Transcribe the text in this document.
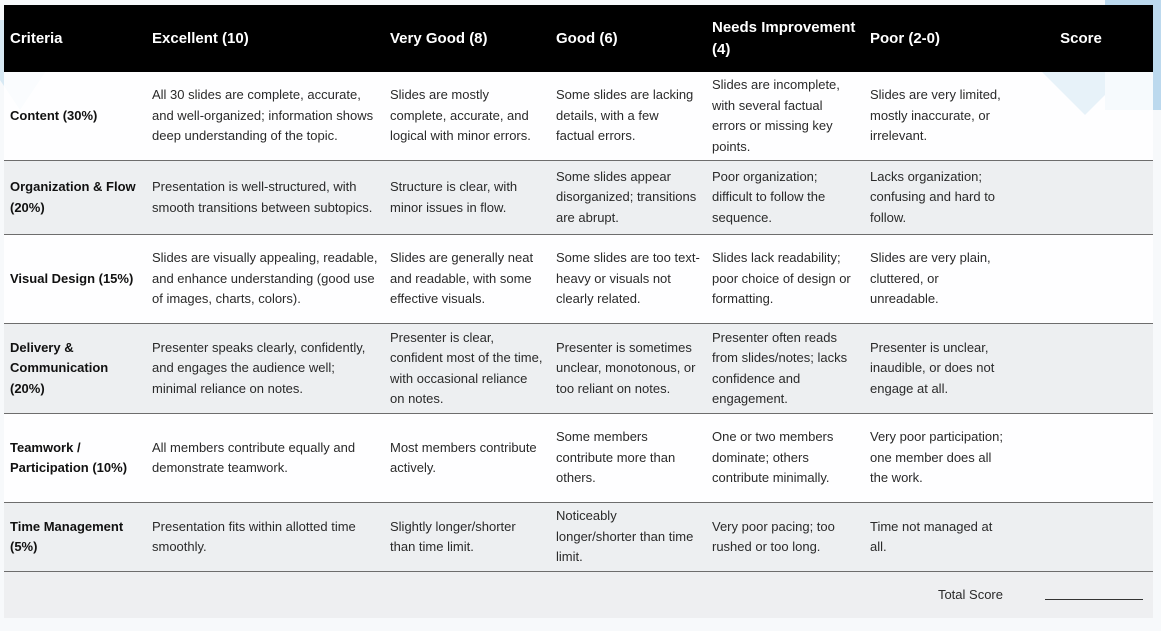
Criteria	Excellent (10)	Very Good (8)	Good (6)	Needs Improvement (4)	Poor (2-0)	Score
Content (30%)	All 30 slides are complete, accurate, and well-organized; information shows deep understanding of the topic.	Slides are mostly complete, accurate, and logical with minor errors.	Some slides are lacking details, with a few factual errors.	Slides are incomplete, with several factual errors or missing key points.	Slides are very limited, mostly inaccurate, or irrelevant.	
Organization & Flow (20%)	Presentation is well-structured, with smooth transitions between subtopics.	Structure is clear, with minor issues in flow.	Some slides appear disorganized; transitions are abrupt.	Poor organization; difficult to follow the sequence.	Lacks organization; confusing and hard to follow.	
Visual Design (15%)	Slides are visually appealing, readable, and enhance understanding (good use of images, charts, colors).	Slides are generally neat and readable, with some effective visuals.	Some slides are too text-heavy or visuals not clearly related.	Slides lack readability; poor choice of design or formatting.	Slides are very plain, cluttered, or unreadable.	
Delivery & Communication (20%)	Presenter speaks clearly, confidently, and engages the audience well; minimal reliance on notes.	Presenter is clear, confident most of the time, with occasional reliance on notes.	Presenter is sometimes unclear, monotonous, or too reliant on notes.	Presenter often reads from slides/notes; lacks confidence and engagement.	Presenter is unclear, inaudible, or does not engage at all.	
Teamwork / Participation (10%)	All members contribute equally and demonstrate teamwork.	Most members contribute actively.	Some members contribute more than others.	One or two members dominate; others contribute minimally.	Very poor participation; one member does all the work.	
Time Management (5%)	Presentation fits within allotted time smoothly.	Slightly longer/shorter than time limit.	Noticeably longer/shorter than time limit.	Very poor pacing; too rushed or too long.	Time not managed at all.	
Total Score						
